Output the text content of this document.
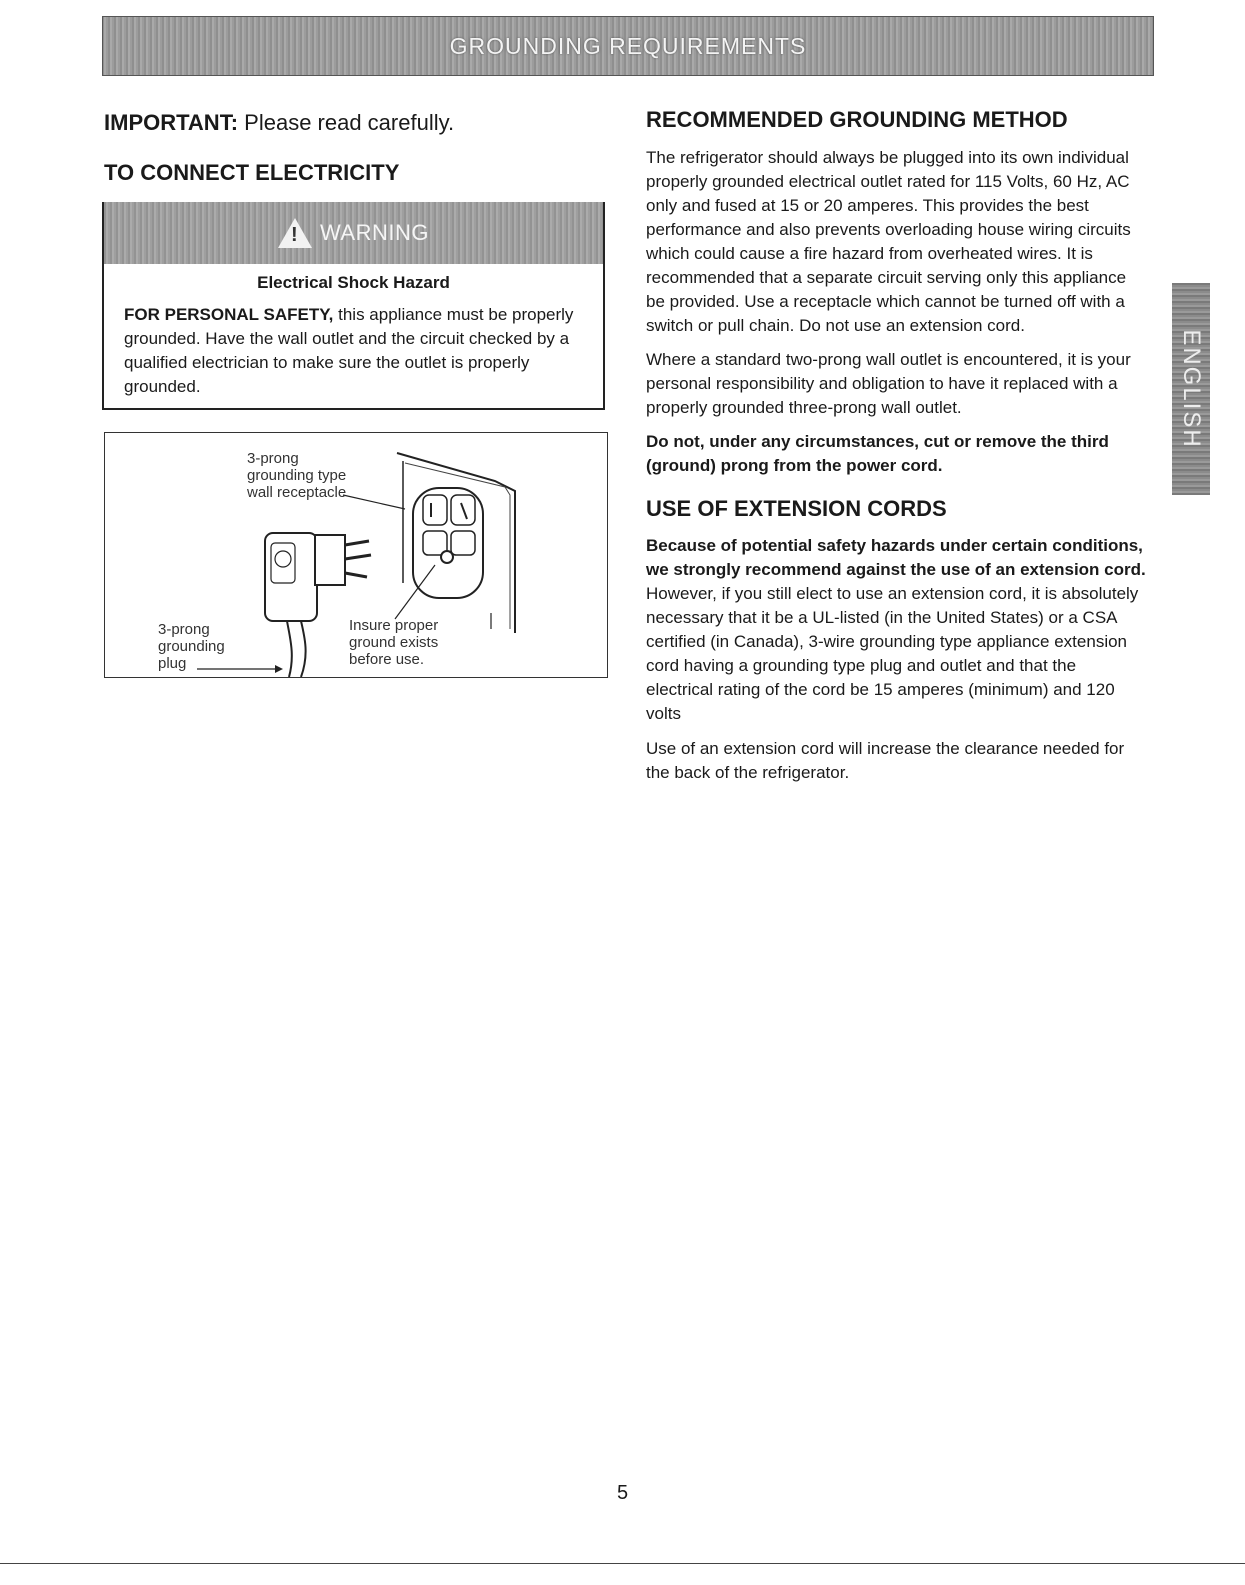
GROUNDING REQUIREMENTS
IMPORTANT: Please read carefully.
TO CONNECT ELECTRICITY
!
WARNING
Electrical Shock Hazard
FOR PERSONAL SAFETY, this appliance must be properly grounded. Have the wall outlet and the circuit checked by a qualified electrician to make sure the outlet is properly grounded.
3-prong
grounding type
wall receptacle
3-prong
grounding
plug
Insure proper
ground exists
before use.
RECOMMENDED GROUNDING METHOD

The refrigerator should always be plugged into its own individual properly grounded electrical outlet rated for 115 Volts, 60 Hz, AC only and fused at 15 or 20 amperes. This provides the best performance and also prevents overloading house wiring circuits which could cause a fire hazard from overheated wires. It is recommended that a separate circuit serving only this appliance be provided. Use a receptacle which cannot be turned off with a switch or pull chain. Do not use an extension cord.

Where a standard two-prong wall outlet is encountered, it is your personal responsibility and obligation to have it replaced with a properly grounded three-prong wall outlet.

Do not, under any circumstances, cut or remove the third (ground) prong from the power cord.

USE OF EXTENSION CORDS

Because of potential safety hazards under certain conditions, we strongly recommend against the use of an extension cord. However, if you still elect to use an extension cord, it is absolutely necessary that it be a UL-listed (in the United States) or a CSA certified (in Canada), 3-wire grounding type appliance extension cord having a grounding type plug and outlet and that the electrical rating of the cord be 15 amperes (minimum) and 120 volts

Use of an extension cord will increase the clearance needed for the back of the refrigerator.

ENGLISH
5
